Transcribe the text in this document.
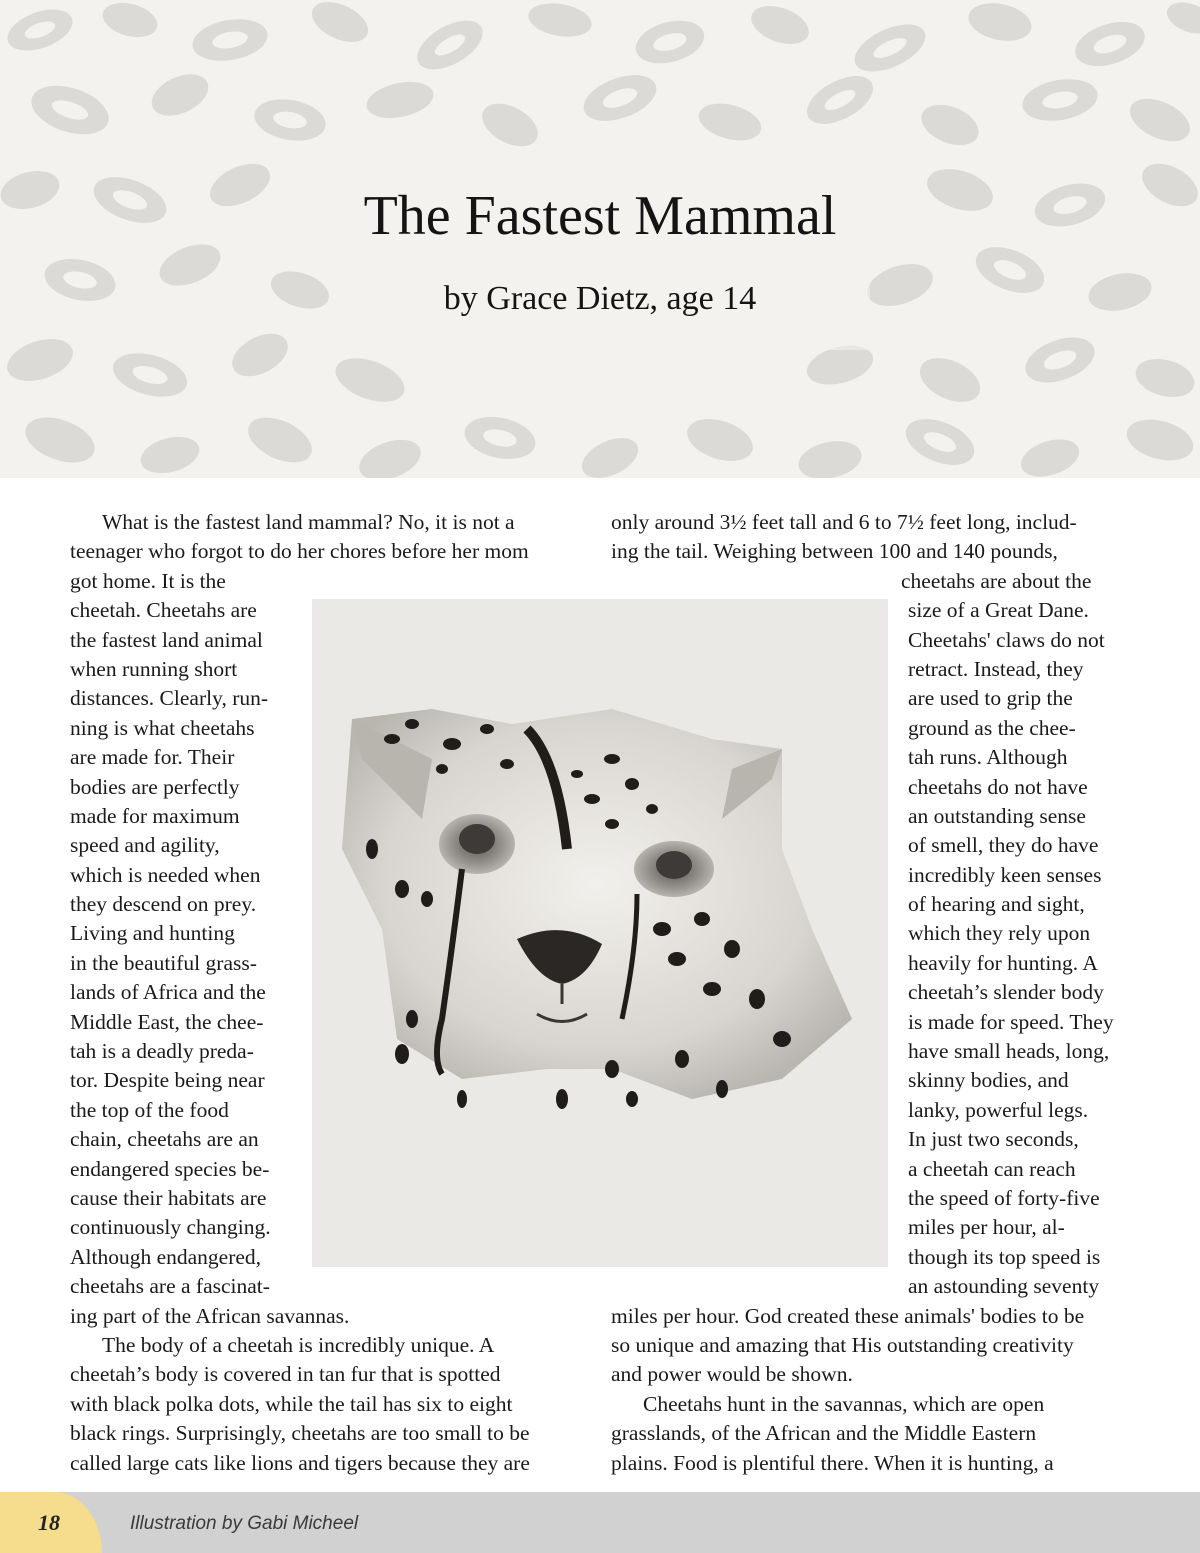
The Fastest Mammal
by Grace Dietz, age 14
What is the fastest land mammal? No, it is not a
teenager who forgot to do her chores before her mom
got home. It is the
cheetah. Cheetahs are
the fastest land animal
when running short
distances. Clearly, run-
ning is what cheetahs
are made for. Their
bodies are perfectly
made for maximum
speed and agility,
which is needed when
they descend on prey.
Living and hunting
in the beautiful grass-
lands of Africa and the
Middle East, the chee-
tah is a deadly preda-
tor. Despite being near
the top of the food
chain, cheetahs are an
endangered species be-
cause their habitats are
continuously changing.
Although endangered,
cheetahs are a fascinat-
ing part of the African savannas.
The body of a cheetah is incredibly unique. A
cheetah’s body is covered in tan fur that is spotted
with black polka dots, while the tail has six to eight
black rings. Surprisingly, cheetahs are too small to be
called large cats like lions and tigers because they are
only around 3½ feet tall and 6 to 7½ feet long, includ-
ing the tail. Weighing between 100 and 140 pounds,
cheetahs are about the
size of a Great Dane.
Cheetahs' claws do not
retract. Instead, they
are used to grip the
ground as the chee-
tah runs. Although
cheetahs do not have
an outstanding sense
of smell, they do have
incredibly keen senses
of hearing and sight,
which they rely upon
heavily for hunting. A
cheetah’s slender body
is made for speed. They
have small heads, long,
skinny bodies, and
lanky, powerful legs.
In just two seconds,
a cheetah can reach
the speed of forty-five
miles per hour, al-
though its top speed is
an astounding seventy
miles per hour. God created these animals' bodies to be
so unique and amazing that His outstanding creativity
and power would be shown.
Cheetahs hunt in the savannas, which are open
grasslands, of the African and the Middle Eastern
plains. Food is plentiful there. When it is hunting, a
18	Illustration by Gabi Micheel
